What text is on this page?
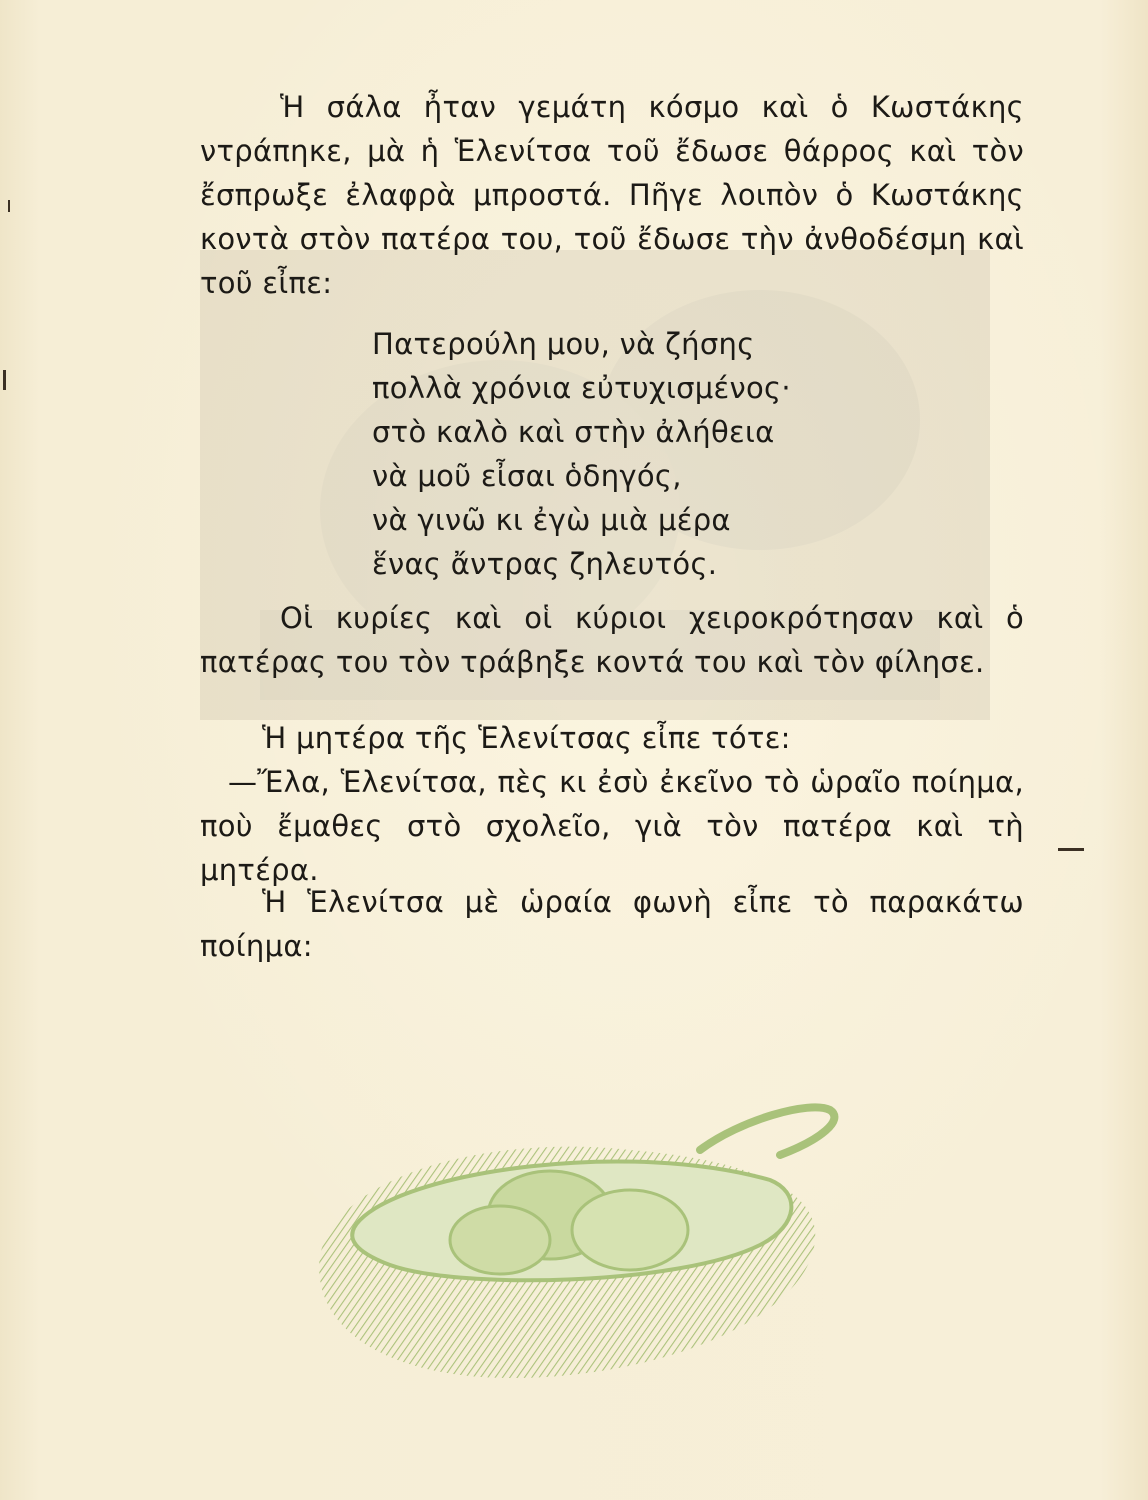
Ἡ σάλα ἦταν γεμάτη κόσμο καὶ ὁ Κωστάκης ντράπηκε, μὰ ἡ Ἑλενίτσα τοῦ ἔδωσε θάρρος καὶ τὸν ἔσπρωξε ἐλαφρὰ μπροστά. Πῆγε λοιπὸν ὁ Κωστάκης κοντὰ στὸν πατέρα του, τοῦ ἔδωσε τὴν ἀνθοδέσμη καὶ τοῦ εἶπε:
Πατερούλη μου, νὰ ζήσης
πολλὰ χρόνια εὐτυχισμένος·
στὸ καλὸ καὶ στὴν ἀλήθεια
νὰ μοῦ εἶσαι ὁδηγός,
νὰ γινῶ κι ἐγὼ μιὰ μέρα
ἕνας ἄντρας ζηλευτός.
Οἱ κυρίες καὶ οἱ κύριοι χειροκρότησαν καὶ ὁ πατέρας του τὸν τράβηξε κοντά του καὶ τὸν φίλησε.
Ἡ μητέρα τῆς Ἑλενίτσας εἶπε τότε:
—Ἔλα, Ἑλενίτσα, πὲς κι ἐσὺ ἐκεῖνο τὸ ὡραῖο ποίημα, ποὺ ἔμαθες στὸ σχολεῖο, γιὰ τὸν πατέρα καὶ τὴ μητέρα.
Ἡ Ἑλενίτσα μὲ ὡραία φωνὴ εἶπε τὸ παρακάτω ποίημα:
